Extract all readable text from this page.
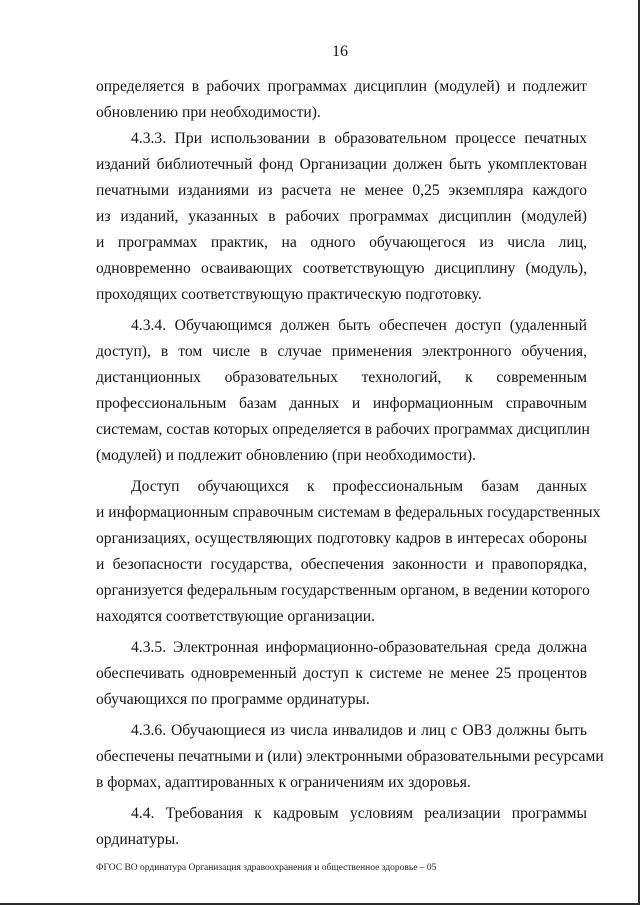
16
определяется в рабочих программах дисциплин (модулей) и подлежит
обновлению при необходимости).
4.3.3. При использовании в образовательном процессе печатных
изданий библиотечный фонд Организации должен быть укомплектован
печатными изданиями из расчета не менее 0,25 экземпляра каждого
из изданий, указанных в рабочих программах дисциплин (модулей)
и программах практик, на одного обучающегося из числа лиц,
одновременно осваивающих соответствующую дисциплину (модуль),
проходящих соответствующую практическую подготовку.
4.3.4. Обучающимся должен быть обеспечен доступ (удаленный
доступ), в том числе в случае применения электронного обучения,
дистанционных образовательных технологий, к современным
профессиональным базам данных и информационным справочным
системам, состав которых определяется в рабочих программах дисциплин
(модулей) и подлежит обновлению (при необходимости).
Доступ обучающихся к профессиональным базам данных
и информационным справочным системам в федеральных государственных
организациях, осуществляющих подготовку кадров в интересах обороны
и безопасности государства, обеспечения законности и правопорядка,
организуется федеральным государственным органом, в ведении которого
находятся соответствующие организации.
4.3.5. Электронная информационно-образовательная среда должна
обеспечивать одновременный доступ к системе не менее 25 процентов
обучающихся по программе ординатуры.
4.3.6. Обучающиеся из числа инвалидов и лиц с ОВЗ должны быть
обеспечены печатными и (или) электронными образовательными ресурсами
в формах, адаптированных к ограничениям их здоровья.
4.4. Требования к кадровым условиям реализации программы
ординатуры.
ФГОС ВО ординатура Организация здравоохранения и общественное здоровье – 05
